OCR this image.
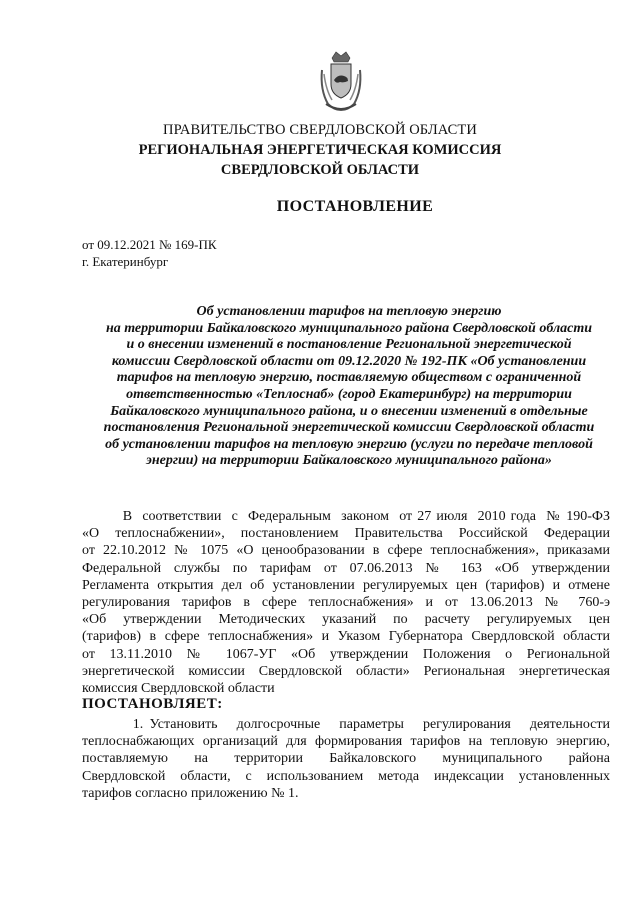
ПРАВИТЕЛЬСТВО СВЕРДЛОВСКОЙ ОБЛАСТИ
РЕГИОНАЛЬНАЯ ЭНЕРГЕТИЧЕСКАЯ КОМИССИЯ
СВЕРДЛОВСКОЙ ОБЛАСТИ
ПОСТАНОВЛЕНИЕ
от 09.12.2021 № 169-ПК
г. Екатеринбург
Об установлении тарифов на тепловую энергию
на территории Байкаловского муниципального района Свердловской области
и о внесении изменений в постановление Региональной энергетической
комиссии Свердловской области от 09.12.2020 № 192-ПК «Об установлении
тарифов на тепловую энергию, поставляемую обществом с ограниченной
ответственностью «Теплоснаб» (город Екатеринбург) на территории
Байкаловского муниципального района, и о внесении изменений в отдельные
постановления Региональной энергетической комиссии Свердловской области
об установлении тарифов на тепловую энергию (услуги по передаче тепловой
энергии) на территории Байкаловского муниципального района»
В  соответствии  с  Федеральным  законом  от 27 июля  2010 года  № 190-ФЗ
«О теплоснабжении», постановлением Правительства Российской Федерации
от 22.10.2012 № 1075 «О ценообразовании в сфере теплоснабжения», приказами
Федеральной службы по тарифам от 07.06.2013 № 163 «Об утверждении
Регламента открытия дел об установлении регулируемых цен (тарифов) и отмене
регулирования тарифов в сфере теплоснабжения» и от 13.06.2013 № 760-э
«Об утверждении Методических указаний по расчету регулируемых цен
(тарифов) в сфере теплоснабжения» и Указом Губернатора Свердловской области
от 13.11.2010 № 1067-УГ «Об утверждении Положения о Региональной
энергетической комиссии Свердловской области» Региональная энергетическая
комиссия Свердловской области
ПОСТАНОВЛЯЕТ:
1. Установить   долгосрочные   параметры   регулирования   деятельности
теплоснабжающих организаций для формирования тарифов на тепловую энергию,
поставляемую     на     территории     Байкаловского     муниципального     района
Свердловской области, с использованием метода индексации установленных
тарифов согласно приложению № 1.
